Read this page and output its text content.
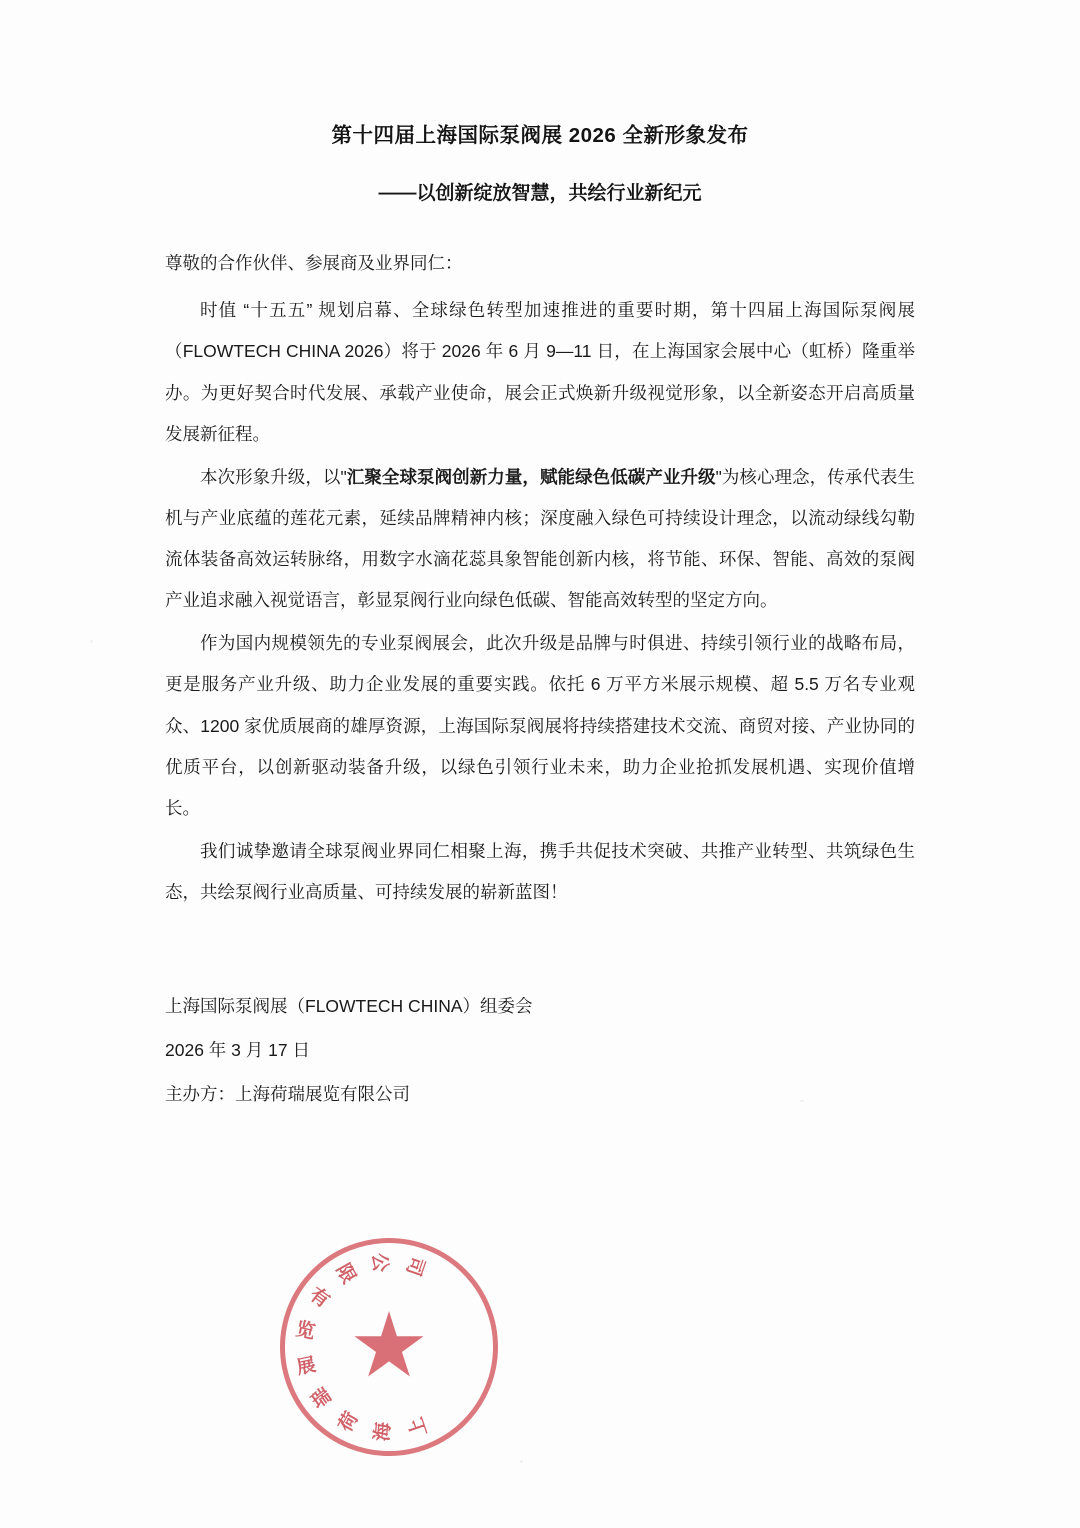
第十四届上海国际泵阀展 2026 全新形象发布
——以创新绽放智慧，共绘行业新纪元

尊敬的合作伙伴、参展商及业界同仁：

时值 “十五五” 规划启幕、全球绿色转型加速推进的重要时期，第十四届上海国际泵阀展（FLOWTECH CHINA 2026）将于 2026 年 6 月 9—11 日，在上海国家会展中心（虹桥）隆重举办。为更好契合时代发展、承载产业使命，展会正式焕新升级视觉形象，以全新姿态开启高质量发展新征程。

本次形象升级，以"汇聚全球泵阀创新力量，赋能绿色低碳产业升级"为核心理念，传承代表生机与产业底蕴的莲花元素，延续品牌精神内核；深度融入绿色可持续设计理念，以流动绿线勾勒流体装备高效运转脉络，用数字水滴花蕊具象智能创新内核，将节能、环保、智能、高效的泵阀产业追求融入视觉语言，彰显泵阀行业向绿色低碳、智能高效转型的坚定方向。

作为国内规模领先的专业泵阀展会，此次升级是品牌与时俱进、持续引领行业的战略布局，更是服务产业升级、助力企业发展的重要实践。依托 6 万平方米展示规模、超 5.5 万名专业观众、1200 家优质展商的雄厚资源，上海国际泵阀展将持续搭建技术交流、商贸对接、产业协同的优质平台，以创新驱动装备升级，以绿色引领行业未来，助力企业抢抓发展机遇、实现价值增长。

我们诚挚邀请全球泵阀业界同仁相聚上海，携手共促技术突破、共推产业转型、共筑绿色生态，共绘泵阀行业高质量、可持续发展的崭新蓝图！

上海国际泵阀展（FLOWTECH CHINA）组委会
2026 年 3 月 17 日
主办方：上海荷瑞展览有限公司
上
海
荷
瑞
展
览
有
限 公 司
